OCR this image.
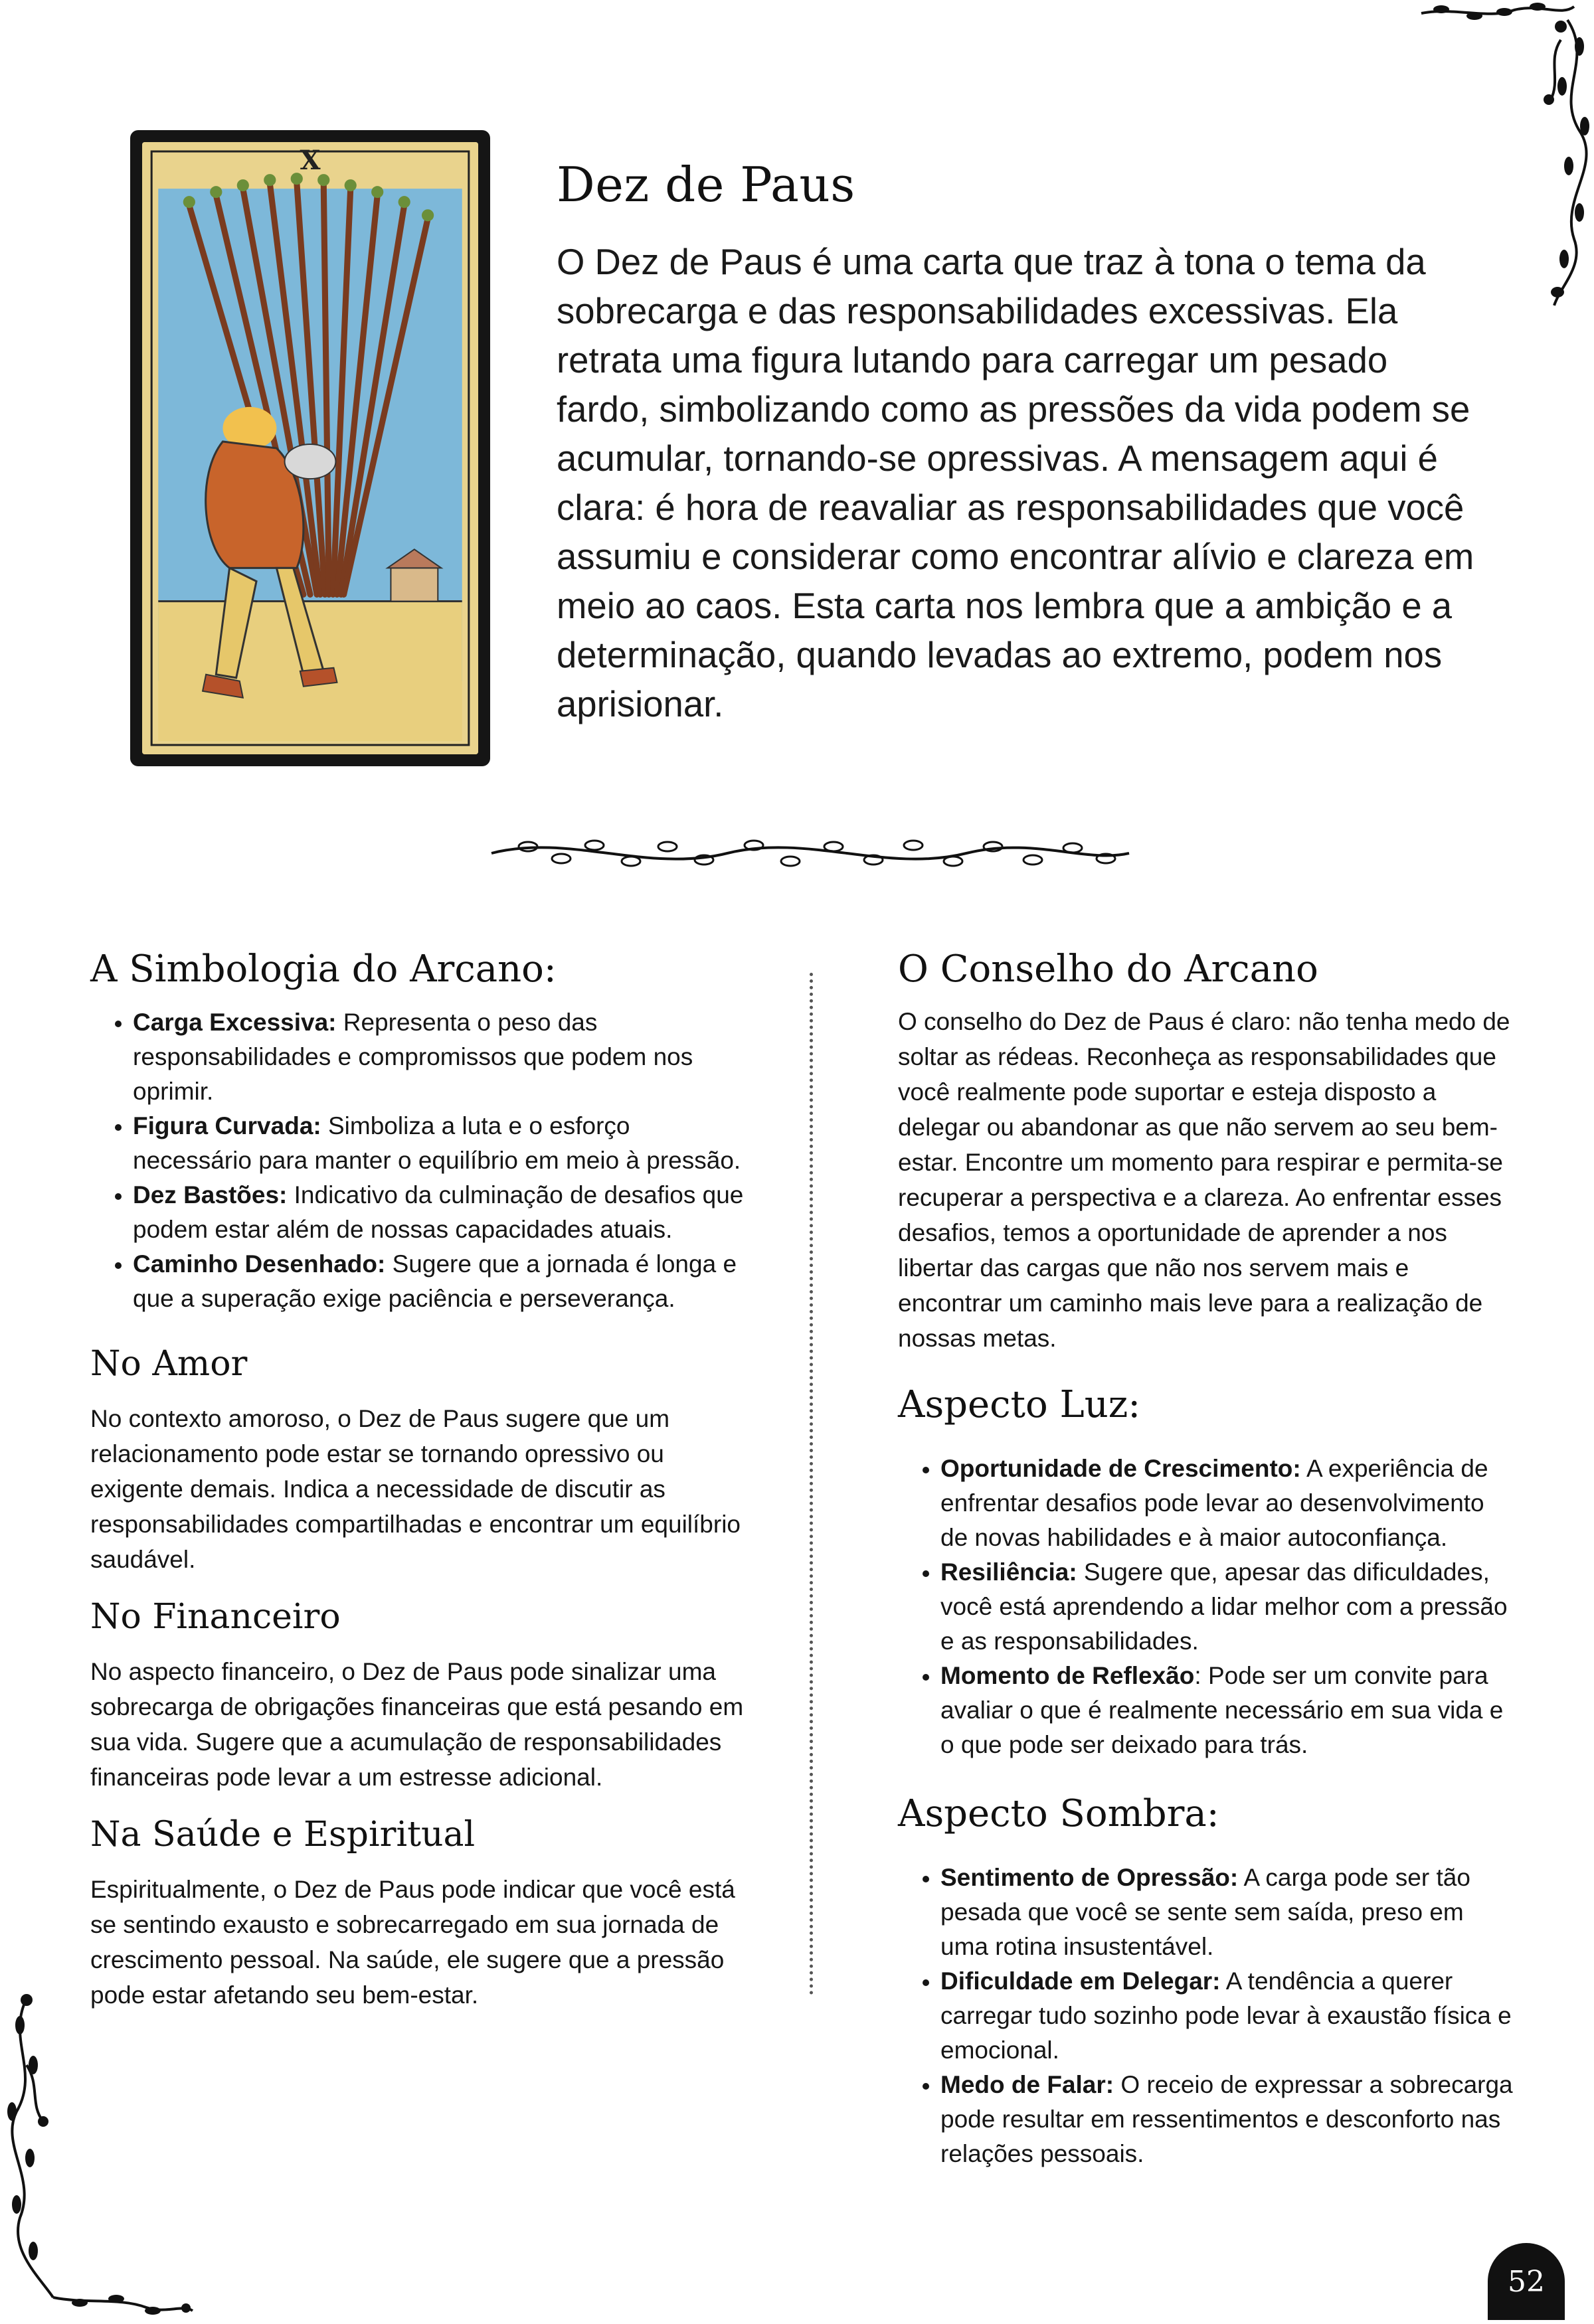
X	Dez de Paus

O Dez de Paus é uma carta que traz à tona o tema da sobrecarga e das responsabilidades excessivas. Ela retrata uma figura lutando para carregar um pesado fardo, simbolizando como as pressões da vida podem se acumular, tornando-se opressivas. A mensagem aqui é clara: é hora de reavaliar as responsabilidades que você assumiu e considerar como encontrar alívio e clareza em meio ao caos. Esta carta nos lembra que a ambição e a determinação, quando levadas ao extremo, podem nos aprisionar.

A Simbologia do Arcano:
• Carga Excessiva: Representa o peso das responsabilidades e compromissos que podem nos oprimir.
• Figura Curvada: Simboliza a luta e o esforço necessário para manter o equilíbrio em meio à pressão.
• Dez Bastões: Indicativo da culminação de desafios que podem estar além de nossas capacidades atuais.
• Caminho Desenhado: Sugere que a jornada é longa e que a superação exige paciência e perseverança.
No Amor

No contexto amoroso, o Dez de Paus sugere que um relacionamento pode estar se tornando opressivo ou exigente demais. Indica a necessidade de discutir as responsabilidades compartilhadas e encontrar um equilíbrio saudável.

No Financeiro

No aspecto financeiro, o Dez de Paus pode sinalizar uma sobrecarga de obrigações financeiras que está pesando em sua vida. Sugere que a acumulação de responsabilidades financeiras pode levar a um estresse adicional.

Na Saúde e Espiritual

Espiritualmente, o Dez de Paus pode indicar que você está se sentindo exausto e sobrecarregado em sua jornada de crescimento pessoal. Na saúde, ele sugere que a pressão pode estar afetando seu bem-estar.

O Conselho do Arcano

O conselho do Dez de Paus é claro: não tenha medo de soltar as rédeas. Reconheça as responsabilidades que você realmente pode suportar e esteja disposto a delegar ou abandonar as que não servem ao seu bem-estar. Encontre um momento para respirar e permita-se recuperar a perspectiva e a clareza. Ao enfrentar esses desafios, temos a oportunidade de aprender a nos libertar das cargas que não nos servem mais e encontrar um caminho mais leve para a realização de nossas metas.

Aspecto Luz:
• Oportunidade de Crescimento: A experiência de enfrentar desafios pode levar ao desenvolvimento de novas habilidades e à maior autoconfiança.
• Resiliência: Sugere que, apesar das dificuldades, você está aprendendo a lidar melhor com a pressão e as responsabilidades.
• Momento de Reflexão: Pode ser um convite para avaliar o que é realmente necessário em sua vida e o que pode ser deixado para trás.
Aspecto Sombra:
• Sentimento de Opressão: A carga pode ser tão pesada que você se sente sem saída, preso em uma rotina insustentável.
• Dificuldade em Delegar: A tendência a querer carregar tudo sozinho pode levar à exaustão física e emocional.
• Medo de Falar: O receio de expressar a sobrecarga pode resultar em ressentimentos e desconforto nas relações pessoais.
52
